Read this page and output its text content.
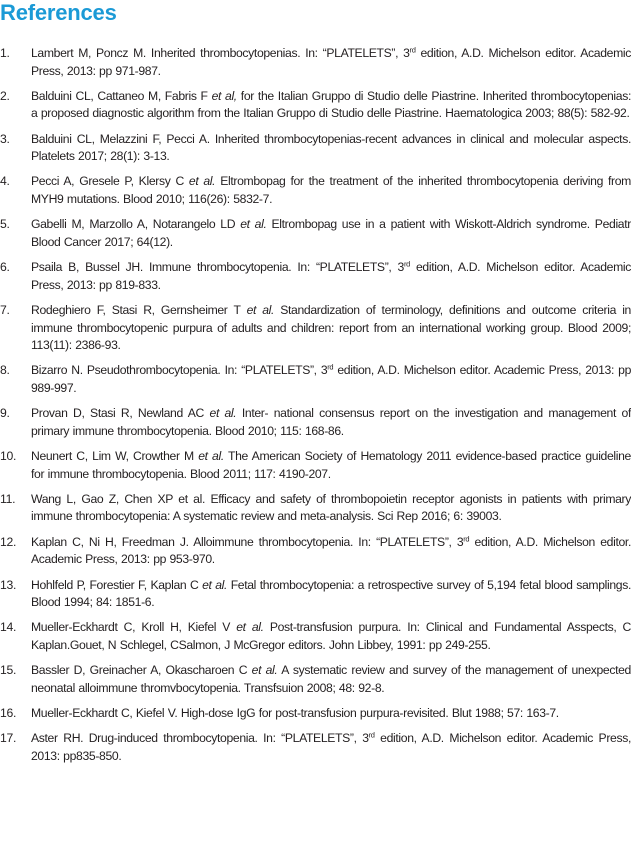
References
1.	Lambert M, Poncz M. Inherited thrombocytopenias. In: “PLATELETS”, 3rd edition, A.D. Michelson editor. Academic Press, 2013: pp 971-987.
2.	Balduini CL, Cattaneo M, Fabris F et al, for the Italian Gruppo di Studio delle Piastrine. Inherited thrombocytopenias: a proposed diagnostic algorithm from the Italian Gruppo di Studio delle Piastrine. Haematologica 2003; 88(5): 582-92.
3.	Balduini CL, Melazzini F, Pecci A. Inherited thrombocytopenias-recent advances in clinical and molecular aspects. Platelets 2017; 28(1): 3-13.
4.	Pecci A, Gresele P, Klersy C et al. Eltrombopag for the treatment of the inherited thrombocytopenia deriving from MYH9 mutations. Blood 2010; 116(26): 5832-7.
5.	Gabelli M, Marzollo A, Notarangelo LD et al. Eltrombopag use in a patient with Wiskott-Aldrich syndrome. Pediatr Blood Cancer 2017; 64(12).
6.	Psaila B, Bussel JH. Immune thrombocytopenia. In: “PLATELETS”, 3rd edition, A.D. Michelson editor. Academic Press, 2013: pp 819-833.
7.	Rodeghiero F, Stasi R, Gernsheimer T et al. Standardization of terminology, definitions and outcome criteria in immune thrombocytopenic purpura of adults and children: report from an international working group. Blood 2009; 113(11): 2386-93.
8.	Bizarro N. Pseudothrombocytopenia. In: “PLATELETS”, 3rd edition, A.D. Michelson editor. Academic Press, 2013: pp 989-997.
9.	Provan D, Stasi R, Newland AC et al. Inter- national consensus report on the investigation and management of primary immune thrombocytopenia. Blood 2010; 115: 168-86.
10.	Neunert C, Lim W, Crowther M et al. The American Society of Hematology 2011 evidence-based practice guideline for immune thrombocytopenia. Blood 2011; 117: 4190-207.
11.	Wang L, Gao Z, Chen XP et al. Efficacy and safety of thrombopoietin receptor agonists in patients with primary immune thrombocytopenia: A systematic review and meta-analysis. Sci Rep 2016; 6: 39003.
12.	Kaplan C, Ni H, Freedman J. Alloimmune thrombocytopenia. In: “PLATELETS”, 3rd edition, A.D. Michelson editor. Academic Press, 2013: pp 953-970.
13.	Hohlfeld P, Forestier F, Kaplan C et al. Fetal thrombocytopenia: a retrospective survey of 5,194 fetal blood samplings. Blood 1994; 84: 1851-6.
14.	Mueller-Eckhardt C, Kroll H, Kiefel V et al. Post-transfusion purpura. In: Clinical and Fundamental Asspects, C Kaplan.Gouet, N Schlegel, CSalmon, J McGregor editors. John Libbey, 1991: pp 249-255.
15.	Bassler D, Greinacher A, Okascharoen C et al. A systematic review and survey of the management of unexpected neonatal alloimmune thromvbocytopenia. Transfsuion 2008; 48: 92-8.
16.	Mueller-Eckhardt C, Kiefel V. High-dose IgG for post-transfusion purpura-revisited. Blut 1988; 57: 163-7.
17.	Aster RH. Drug-induced thrombocytopenia. In: “PLATELETS”, 3rd edition, A.D. Michelson editor. Academic Press, 2013: pp835-850.
